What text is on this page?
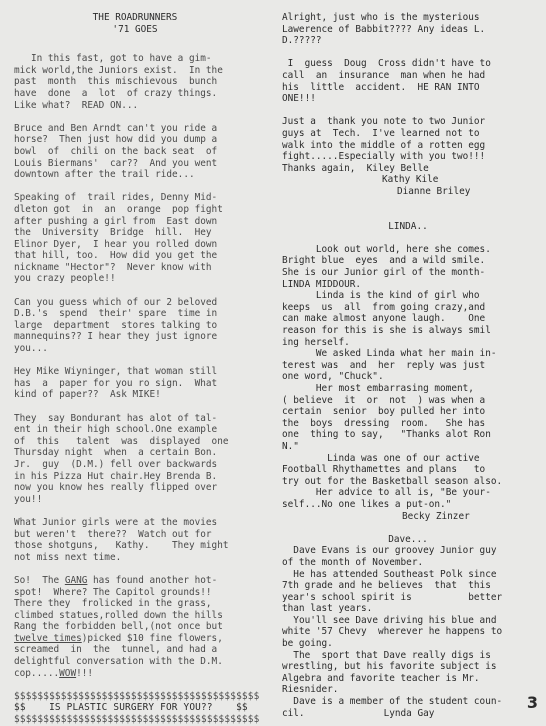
THE ROADRUNNERS
'71 GOES

In this fast, got to have a gim-
mick world,the Juniors exist.  In the
past  month  this mischievous  bunch
have  done  a  lot  of crazy things.
Like what?  READ ON...

Bruce and Ben Arndt can't you ride a
horse?  Then just how did you dump a
bowl  of  chili on the back seat  of
Louis Biermans'  car??  And you went
downtown after the trail ride...

Speaking of  trail rides, Denny Mid-
dleton got  in  an  orange  pop fight
after pushing a girl from  East down
the  University  Bridge  hill.  Hey
Elinor Dyer,  I hear you rolled down
that hill, too.  How did you get the
nickname "Hector"?  Never know with
you crazy people!!

Can you guess which of our 2 beloved
D.B.'s  spend  their' spare  time in
large  department  stores talking to
mannequins?? I hear they just ignore
you...

Hey Mike Wiyninger, that woman still
has  a  paper for you ro sign.  What
kind of paper??  Ask MIKE!

They  say Bondurant has alot of tal-
ent in their high school.One example
of  this   talent  was  displayed  one
Thursday night  when  a certain Bon.
Jr.  guy  (D.M.) fell over backwards
in his Pizza Hut chair.Hey Brenda B.
now you know hes really flipped over
you!!

What Junior girls were at the movies
but weren't  there??  Watch out for
those shotguns,   Kathy.    They might
not miss next time.

So!  The GANG has found another hot-
spot!  Where? The Capitol grounds!!
There they  frolicked in the grass,
climbed statues,rolled down the hills
Rang the forbidden bell,(not once but
twelve times)picked $10 fine flowers,
screamed  in  the  tunnel, and had a
delightful conversation with the D.M.
cop.....WOW!!!

$$$$$$$$$$$$$$$$$$$$$$$$$$$$$$$$$$$$$$$$$$
$$    IS PLASTIC SURGERY FOR YOU??    $$
$$$$$$$$$$$$$$$$$$$$$$$$$$$$$$$$$$$$$$$$$$

Alright, just who is the mysterious
Lawerence of Babbit???? Any ideas L.
D.?????

I  guess  Doug  Cross didn't have to
call  an  insurance  man when he had
his  little  accident.  HE RAN INTO
ONE!!!

Just a  thank you note to two Junior
guys at  Tech.  I've learned not to
walk into the middle of a rotten egg
fight.....Especially with you two!!!
Thanks again,  Kiley Belle

Kathy Kile

Dianne Briley

LINDA..

Look out world, here she comes.
Bright blue  eyes  and a wild smile.
She is our Junior girl of the month-
LINDA MIDDOUR.
Linda is the kind of girl who
keeps  us  all  from going crazy,and
can make almost anyone laugh.    One
reason for this is she is always smil
ing herself.
We asked Linda what her main in-
terest was  and  her  reply was just
one word, "Chuck".
Her most embarrasing moment,
( believe  it  or  not  ) was when a
certain  senior  boy pulled her into
the  boys  dressing  room.   She has
one  thing to say,   "Thanks alot Ron
N."
Linda was one of our active
Football Rhythamettes and plans   to
try out for the Basketball season also.
Her advice to all is, "Be your-
self...No one likes a put-on."

Becky Zinzer

Dave...

Dave Evans is our groovey Junior guy
of the month of November.
He has attended Southeast Polk since
7th grade and he believes  that  this
year's school spirit is          better
than last years.
You'll see Dave driving his blue and
white '57 Chevy  wherever he happens to
be going.
The  sport that Dave really digs is
wrestling, but his favorite subject is
Algebra and favorite teacher is Mr.
Riesnider.
Dave is a member of the student coun-
cil.              Lynda Gay

3
